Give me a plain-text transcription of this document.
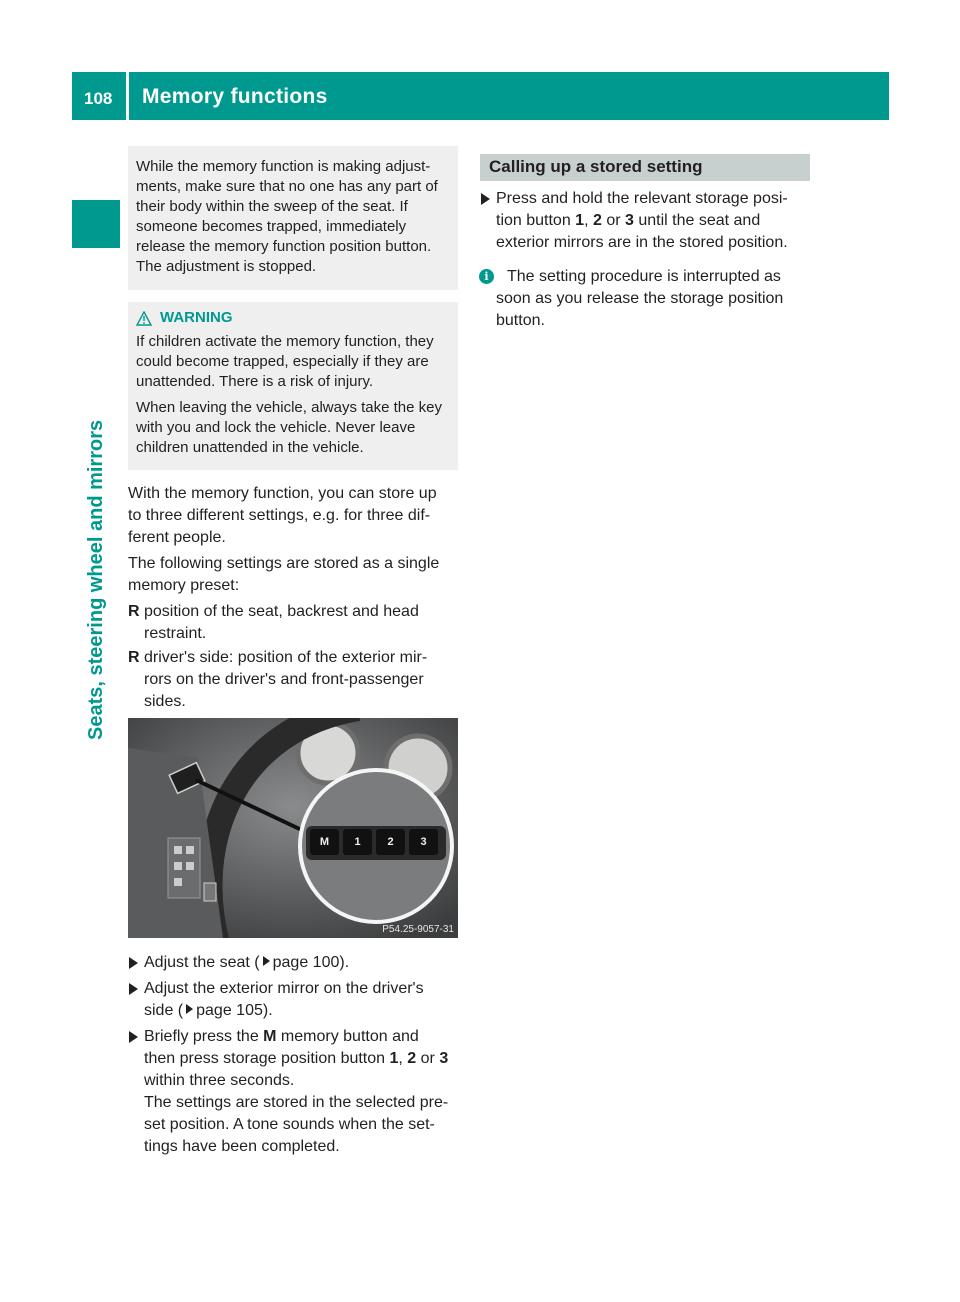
108 Memory functions
Seats, steering wheel and mirrors
While the memory function is making adjust-
ments, make sure that no one has any part of
their body within the sweep of the seat. If
someone becomes trapped, immediately
release the memory function position button.
The adjustment is stopped.
WARNING

If children activate the memory function, they
could become trapped, especially if they are
unattended. There is a risk of injury.

When leaving the vehicle, always take the key
with you and lock the vehicle. Never leave
children unattended in the vehicle.

With the memory function, you can store up
to three different settings, e.g. for three dif-
ferent people.

The following settings are stored as a single
memory preset:

R position of the seat, backrest and head
restraint.
R driver's side: position of the exterior mir-
rors on the driver's and front-passenger
sides.
M	1	2	3
P54.25-9057-31
Adjust the seat ( page 100).
Adjust the exterior mirror on the driver's
side ( page 105).
Briefly press the M memory button and
then press storage position button 1, 2 or 3
within three seconds.
The settings are stored in the selected pre-
set position. A tone sounds when the set-
tings have been completed.
Calling up a stored setting
Press and hold the relevant storage posi-
tion button 1, 2 or 3 until the seat and
exterior mirrors are in the stored position.
i	The setting procedure is interrupted as
soon as you release the storage position
button.
